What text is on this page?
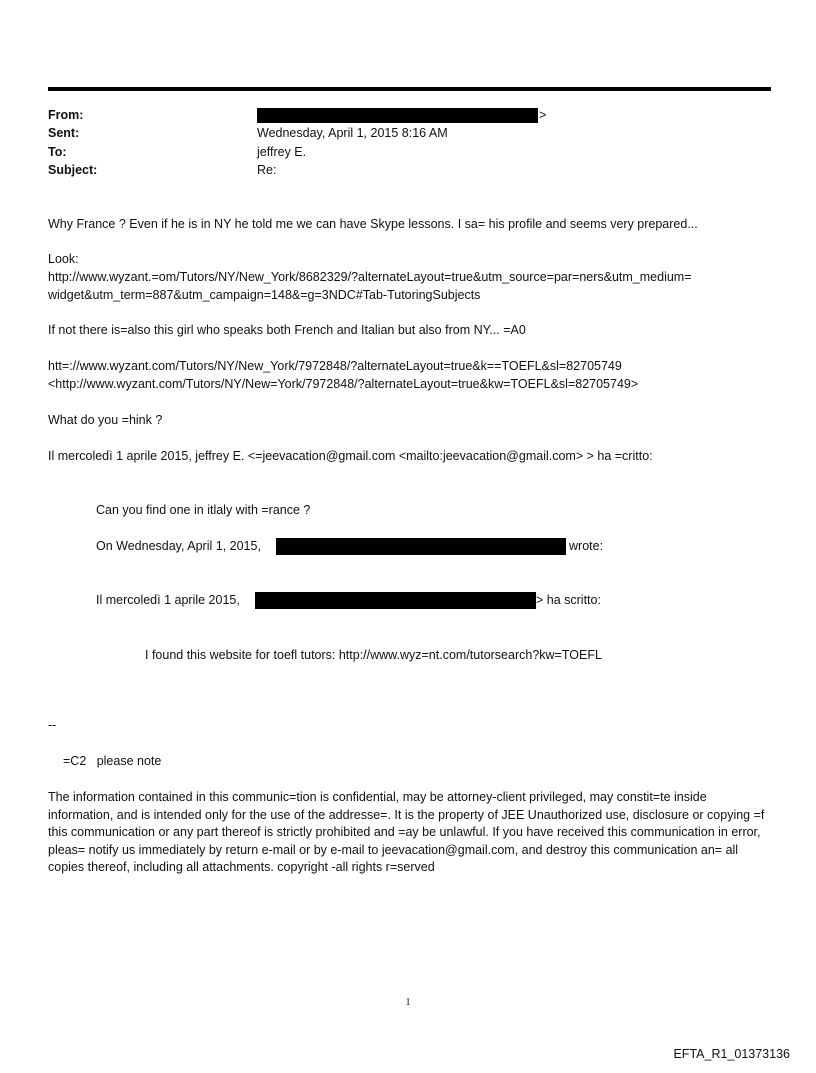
From:	>
Sent:	Wednesday, April 1, 2015 8:16 AM
To:	jeffrey E.
Subject:	Re:
Why France ? Even if he is in NY he told me we can have Skype lessons. I sa= his profile and seems very prepared...
Look:
http://www.wyzant.=om/Tutors/NY/New_York/8682329/?alternateLayout=true&utm_source=par=ners&utm_medium=
widget&utm_term=887&utm_campaign=148&=g=3NDC#Tab-TutoringSubjects
If not there is=also this girl who speaks both French and Italian but also from NY... =A0
htt=://www.wyzant.com/Tutors/NY/New_York/7972848/?alternateLayout=true&k==TOEFL&sl=82705749
<http://www.wyzant.com/Tutors/NY/New=York/7972848/?alternateLayout=true&kw=TOEFL&sl=82705749>
What do you =hink ?
Il mercoledì 1 aprile 2015, jeffrey E. <=jeevacation@gmail.com <mailto:jeevacation@gmail.com> > ha =critto:
Can you find one in itlaly with =rance ?
On Wednesday, April 1, 2015,	wrote:
Il mercoledì 1 aprile 2015,	> ha scritto:
I found this website for toefl tutors: http://www.wyz=nt.com/tutorsearch?kw=TOEFL
--
=C2   please note
The information contained in this communic=tion is confidential, may be attorney-client privileged, may constit=te inside information, and is intended only for the use of the addresse=. It is the property of JEE Unauthorized use, disclosure or copying =f this communication or any part thereof is strictly prohibited and =ay be unlawful. If you have received this communication in error, pleas= notify us immediately by return e-mail or by e-mail to jeevacation@gmail.com, and destroy this communication an= all copies thereof, including all attachments. copyright -all rights r=served
1
EFTA_R1_01373136
